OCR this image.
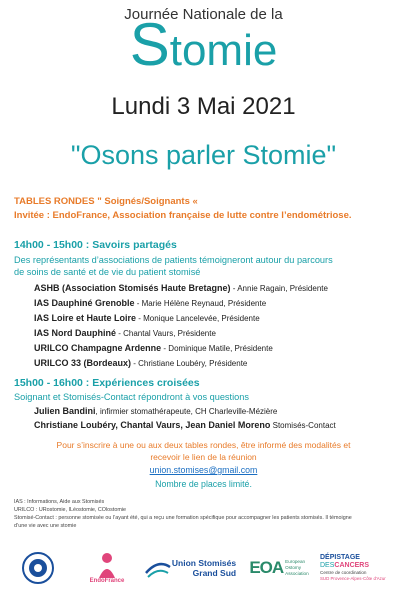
Journée Nationale de la
Stomie
Lundi 3 Mai 2021
"Osons parler Stomie"
TABLES RONDES " Soignés/Soignants «
Invitée : EndoFrance, Association française de lutte contre l’endométriose.
14h00 - 15h00 : Savoirs partagés
Des représentants d’associations de patients témoigneront autour du parcours
de soins de santé et de vie du patient stomisé
ASHB (Association Stomisés Haute Bretagne) - Annie Ragain, Présidente
IAS Dauphiné Grenoble - Marie Hélène Reynaud, Présidente
IAS Loire et Haute Loire - Monique Lancelevée, Présidente
IAS Nord Dauphiné - Chantal Vaurs, Présidente
URILCO Champagne Ardenne - Dominique Matile, Présidente
URILCO 33 (Bordeaux) - Christiane Loubéry, Présidente
15h00 - 16h00 : Expériences croisées
Soignant et Stomisés-Contact répondront à vos questions
Julien Bandini, infirmier stomathérapeute, CH Charleville-Mézière
Christiane Loubéry, Chantal Vaurs, Jean Daniel Moreno Stomisés-Contact
Pour s’inscrire à une ou aux deux tables rondes, être informé des modalités et
recevoir le lien de la réunion
union.stomises@gmail.com
Nombre de places limité.
IAS : Informations, Aide aux Stomisés
URILCO : URostomie, ILéostomie, COlostomie
Stomisé-Contact : personne stomisée ou l’ayant été, qui a reçu une formation spécifique pour accompagner les patients stomisés. Il témoigne
d’une vie avec une stomie
EndoFrance
Union Stomisés
Grand Sud EOA European
Ostomy
Association
DÉPISTAGE
DESCANCERS
Centre de coordination
SUD Provence-Alpes-Côte d'Azur
